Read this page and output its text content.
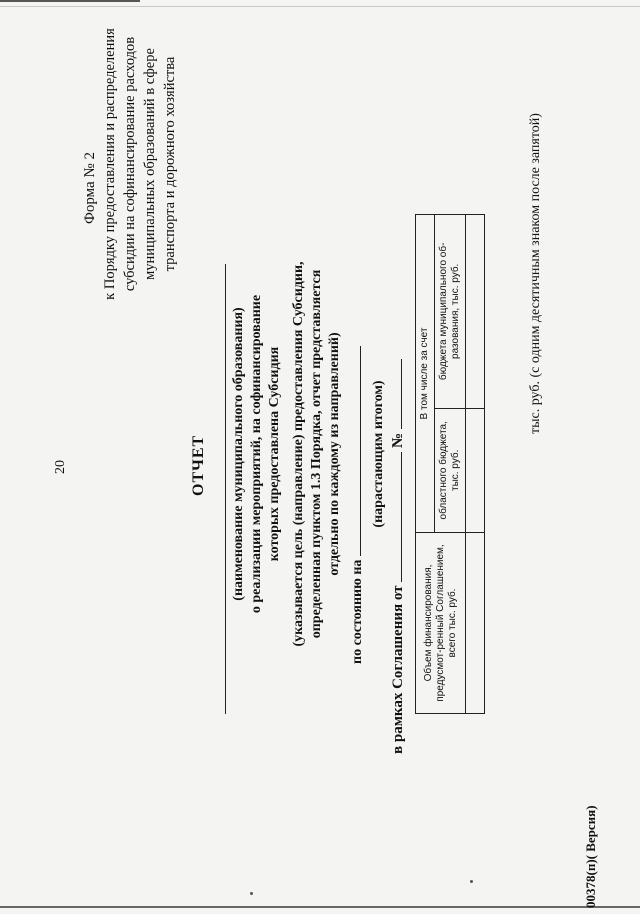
00378(п)( Версия)
20
Форма № 2 к Порядку предоставления и распределения субсидии на софинансирование расходов муниципальных образований в сфере транспорта и дорожного хозяйства
ОТЧЕТ (наименование муниципального образования) о реализации мероприятий, на софинансирование которых предоставлена Субсидия (указывается цель (направление) предоставления Субсидии, определенная пунктом 1.3 Порядка, отчет представляется отдельно по каждому из направлений)
по состоянию на
(нарастающим итогом)
в рамках Соглашения от  №
Объем финансирования, предусмот-ренный Соглашением, всего тыс. руб.	В том числе за счет	
	областного бюджета, тыс. руб.	бюджета муниципального об-разования, тыс. руб.
			тыс. руб. (с одним десятичным знаком после запятой)
